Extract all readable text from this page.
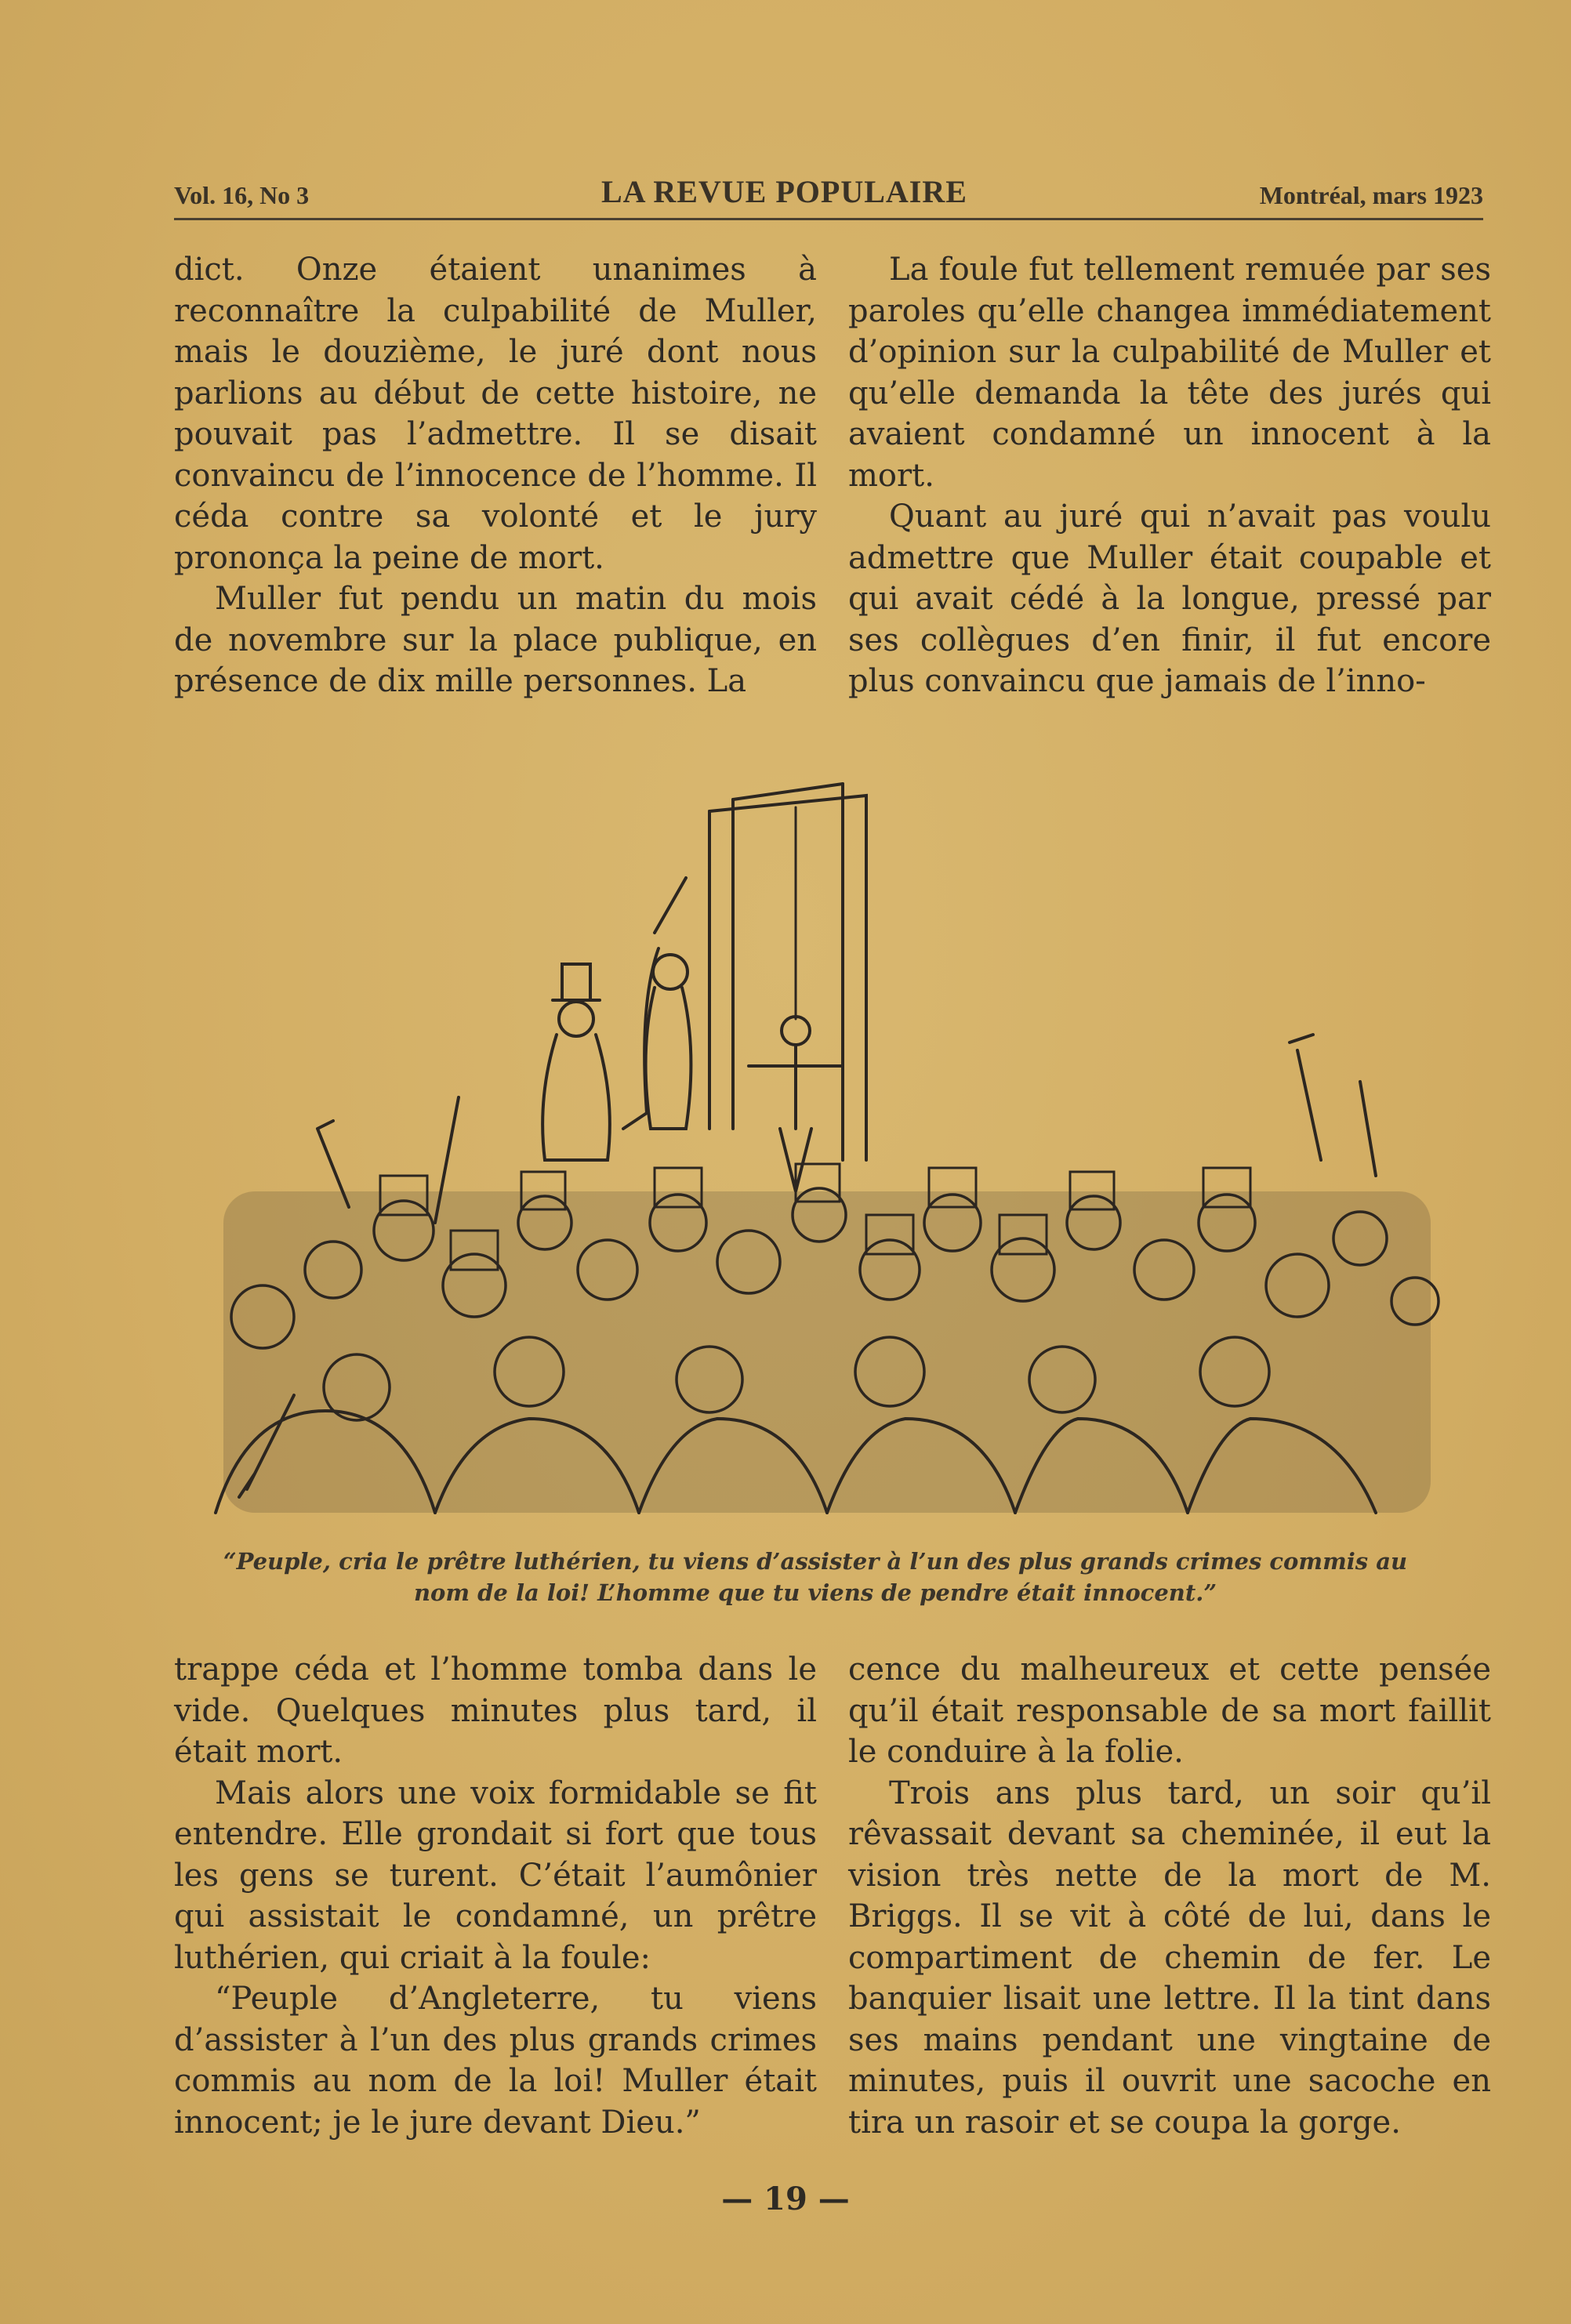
Vol. 16, No 3	LA REVUE POPULAIRE	Montréal, mars 1923

dict. Onze étaient unanimes à reconnaître la culpabilité de Muller, mais le douzième, le juré dont nous parlions au début de cette histoire, ne pouvait pas l’admettre. Il se disait convaincu de l’innocence de l’homme. Il céda contre sa volonté et le jury prononça la peine de mort.

Muller fut pendu un matin du mois de novembre sur la place publique, en présence de dix mille personnes. La

La foule fut tellement remuée par ses paroles qu’elle changea immédiatement d’opinion sur la culpabilité de Muller et qu’elle demanda la tête des jurés qui avaient condamné un innocent à la mort.

Quant au juré qui n’avait pas voulu admettre que Muller était coupable et qui avait cédé à la longue, pressé par ses collègues d’en finir, il fut encore plus convaincu que jamais de l’inno-

“Peuple, cria le prêtre luthérien, tu viens d’assister à l’un des plus grands crimes commis au nom de la loi! L’homme que tu viens de pendre était innocent.”

trappe céda et l’homme tomba dans le vide. Quelques minutes plus tard, il était mort.

Mais alors une voix formidable se fit entendre. Elle grondait si fort que tous les gens se turent. C’était l’aumônier qui assistait le condamné, un prêtre luthérien, qui criait à la foule:

“Peuple d’Angleterre, tu viens d’assister à l’un des plus grands crimes commis au nom de la loi! Muller était innocent; je le jure devant Dieu.”

cence du malheureux et cette pensée qu’il était responsable de sa mort faillit le conduire à la folie.

Trois ans plus tard, un soir qu’il rêvassait devant sa cheminée, il eut la vision très nette de la mort de M. Briggs. Il se vit à côté de lui, dans le compartiment de chemin de fer. Le banquier lisait une lettre. Il la tint dans ses mains pendant une vingtaine de minutes, puis il ouvrit une sacoche en tira un rasoir et se coupa la gorge.

— 19 —
